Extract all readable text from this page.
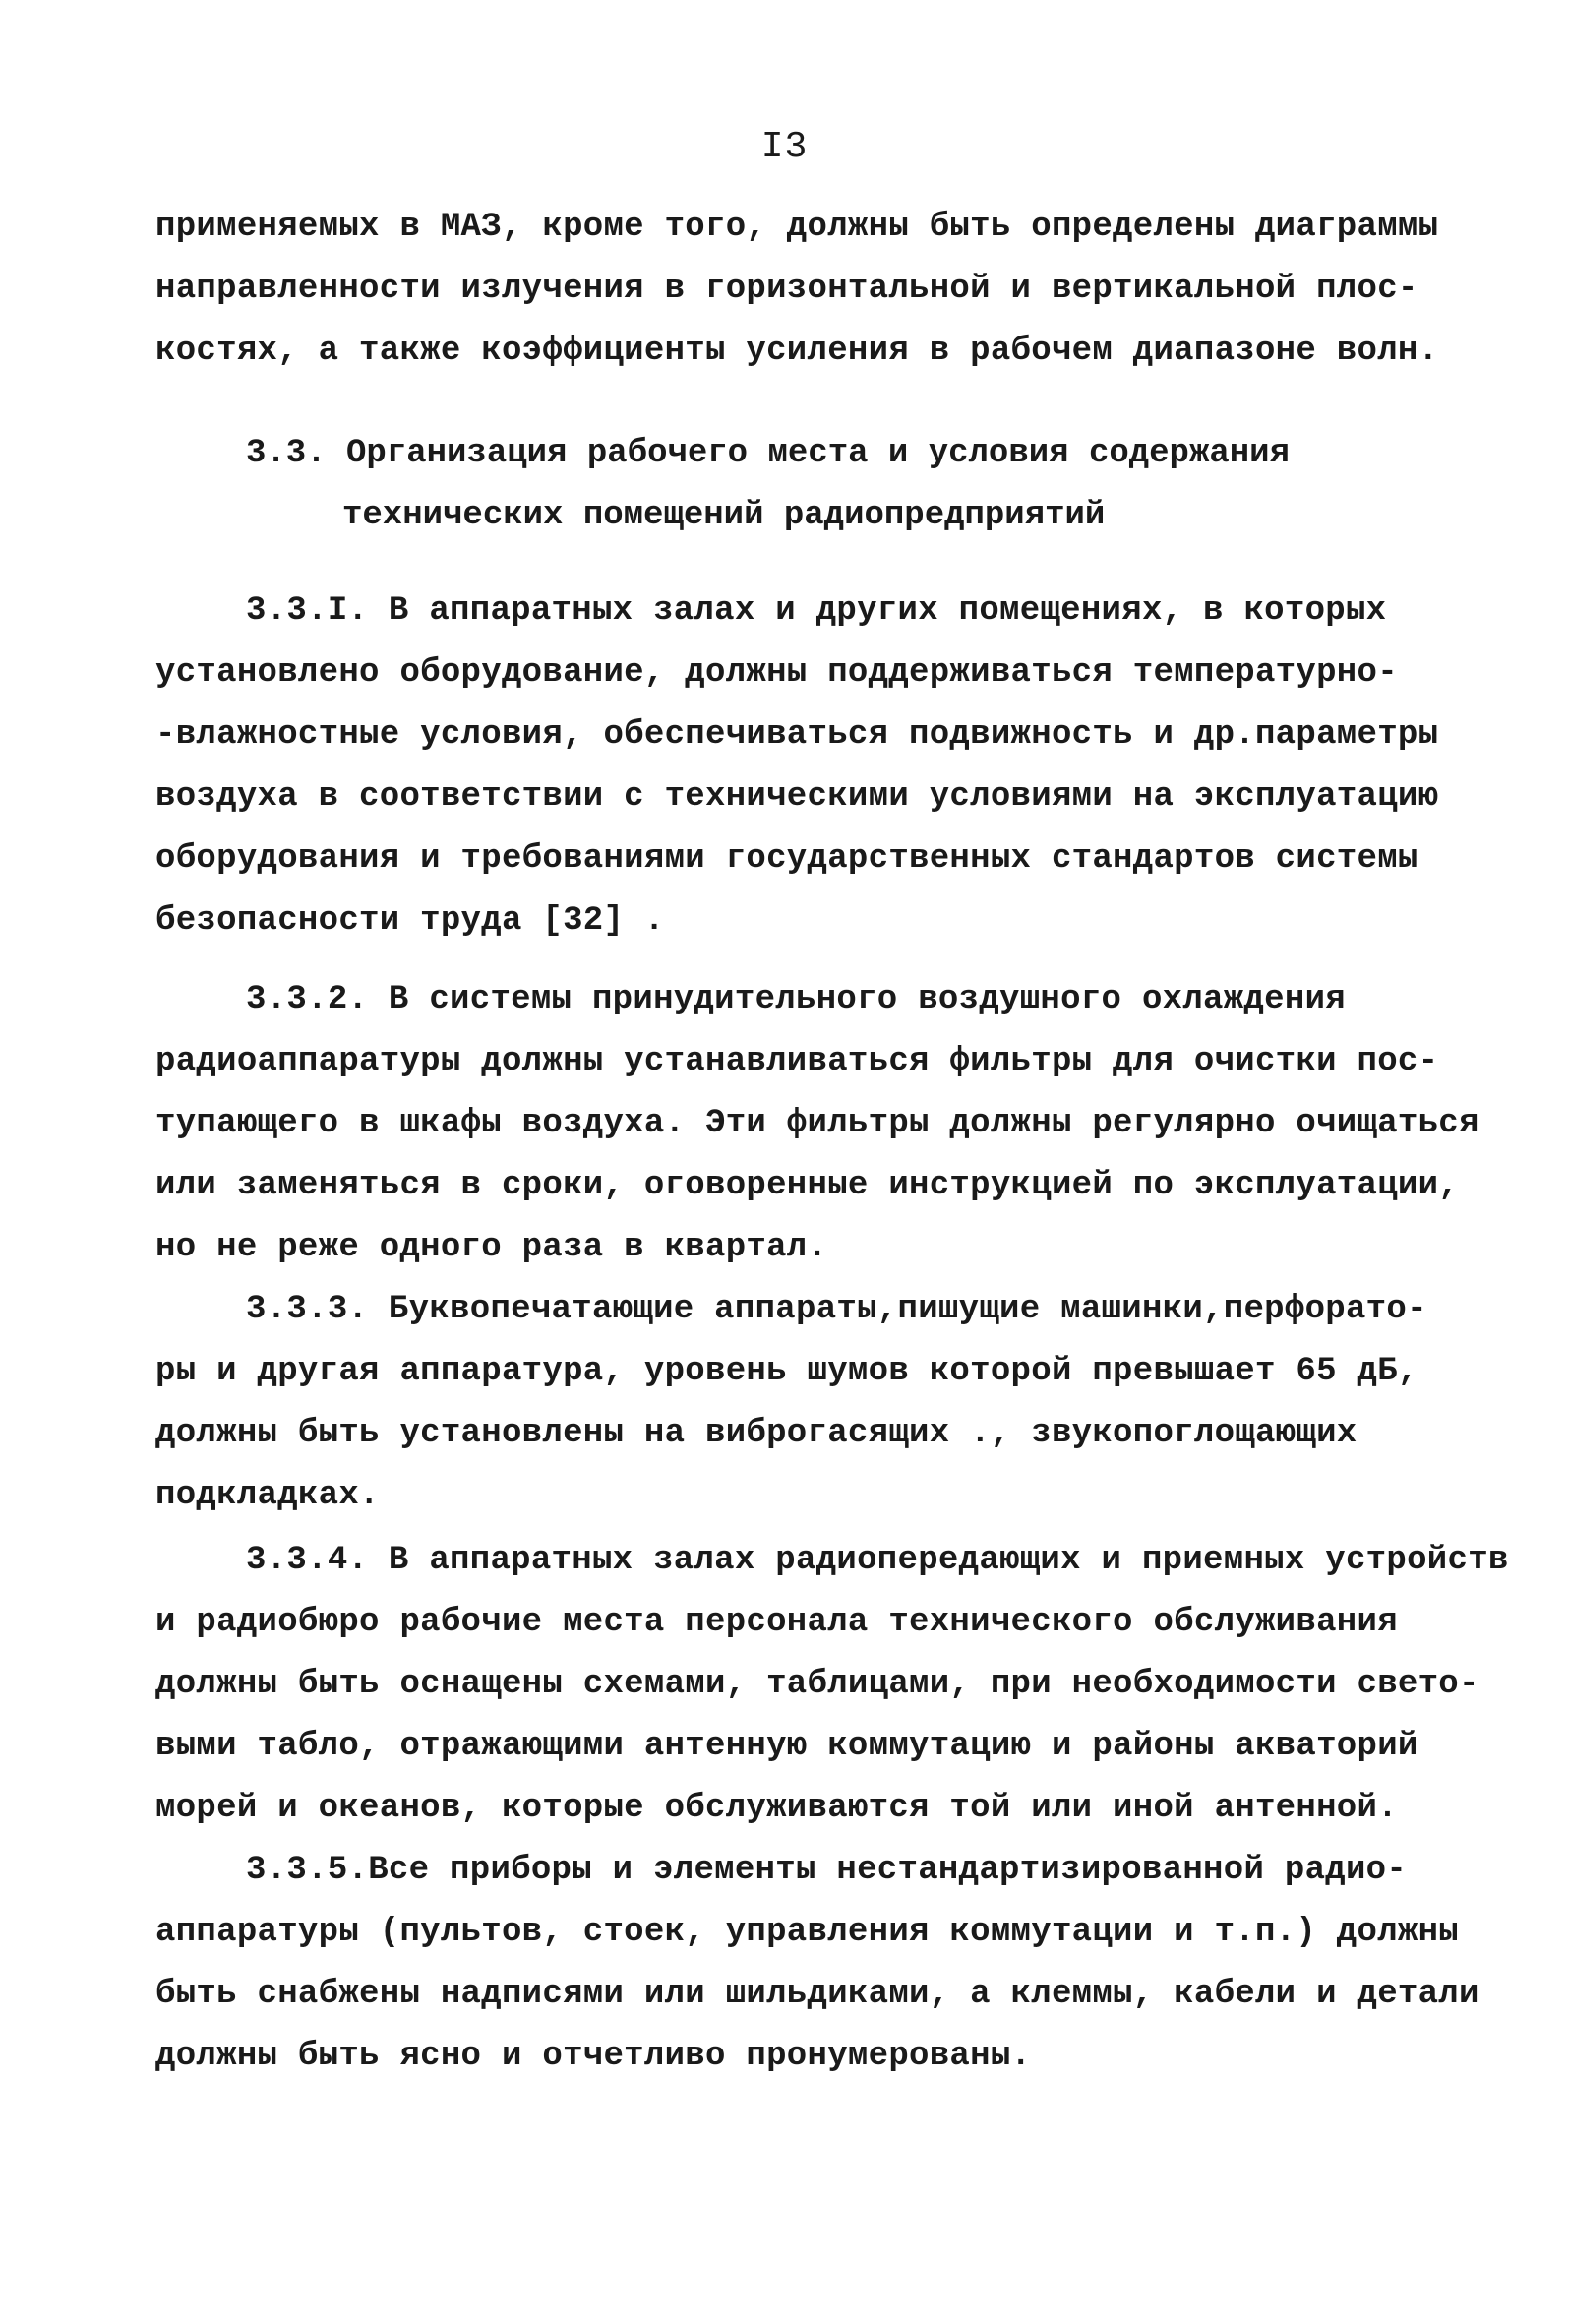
I3

применяемых в МАЗ, кроме того, должны быть определены диаграммы

направленности излучения в горизонтальной и вертикальной плос-

костях, а также коэффициенты усиления в рабочем диапазоне волн.

3.3. Организация рабочего места и условия содержания
технических помещений радиопредприятий

3.3.I. В аппаратных залах и других помещениях, в которых

установлено оборудование, должны поддерживаться температурно-

-влажностные условия, обеспечиваться подвижность и др.параметры

воздуха в соответствии с техническими условиями на эксплуатацию

оборудования и требованиями государственных стандартов системы

безопасности труда [32] .

3.3.2. В системы принудительного воздушного охлаждения

радиоаппаратуры должны устанавливаться фильтры для очистки пос-

тупающего в шкафы воздуха. Эти фильтры должны регулярно очищаться

или заменяться в сроки, оговоренные инструкцией по эксплуатации,

но не реже одного раза в квартал.

3.3.3. Буквопечатающие аппараты,пишущие машинки,перфорато-

ры и другая аппаратура, уровень шумов которой превышает 65 дБ,

должны быть установлены на виброгасящих ., звукопоглощающих

подкладках.

3.3.4. В аппаратных залах радиопередающих и приемных устройств

и радиобюро рабочие места персонала технического обслуживания

должны быть оснащены схемами, таблицами, при необходимости свето-

выми табло, отражающими антенную коммутацию и районы акваторий

морей и океанов, которые обслуживаются той или иной антенной.

3.3.5.Все приборы и элементы нестандартизированной радио-

аппаратуры (пультов, стоек, управления коммутации и т.п.) должны

быть снабжены надписями или шильдиками, а клеммы, кабели и детали

должны быть ясно и отчетливо пронумерованы.
